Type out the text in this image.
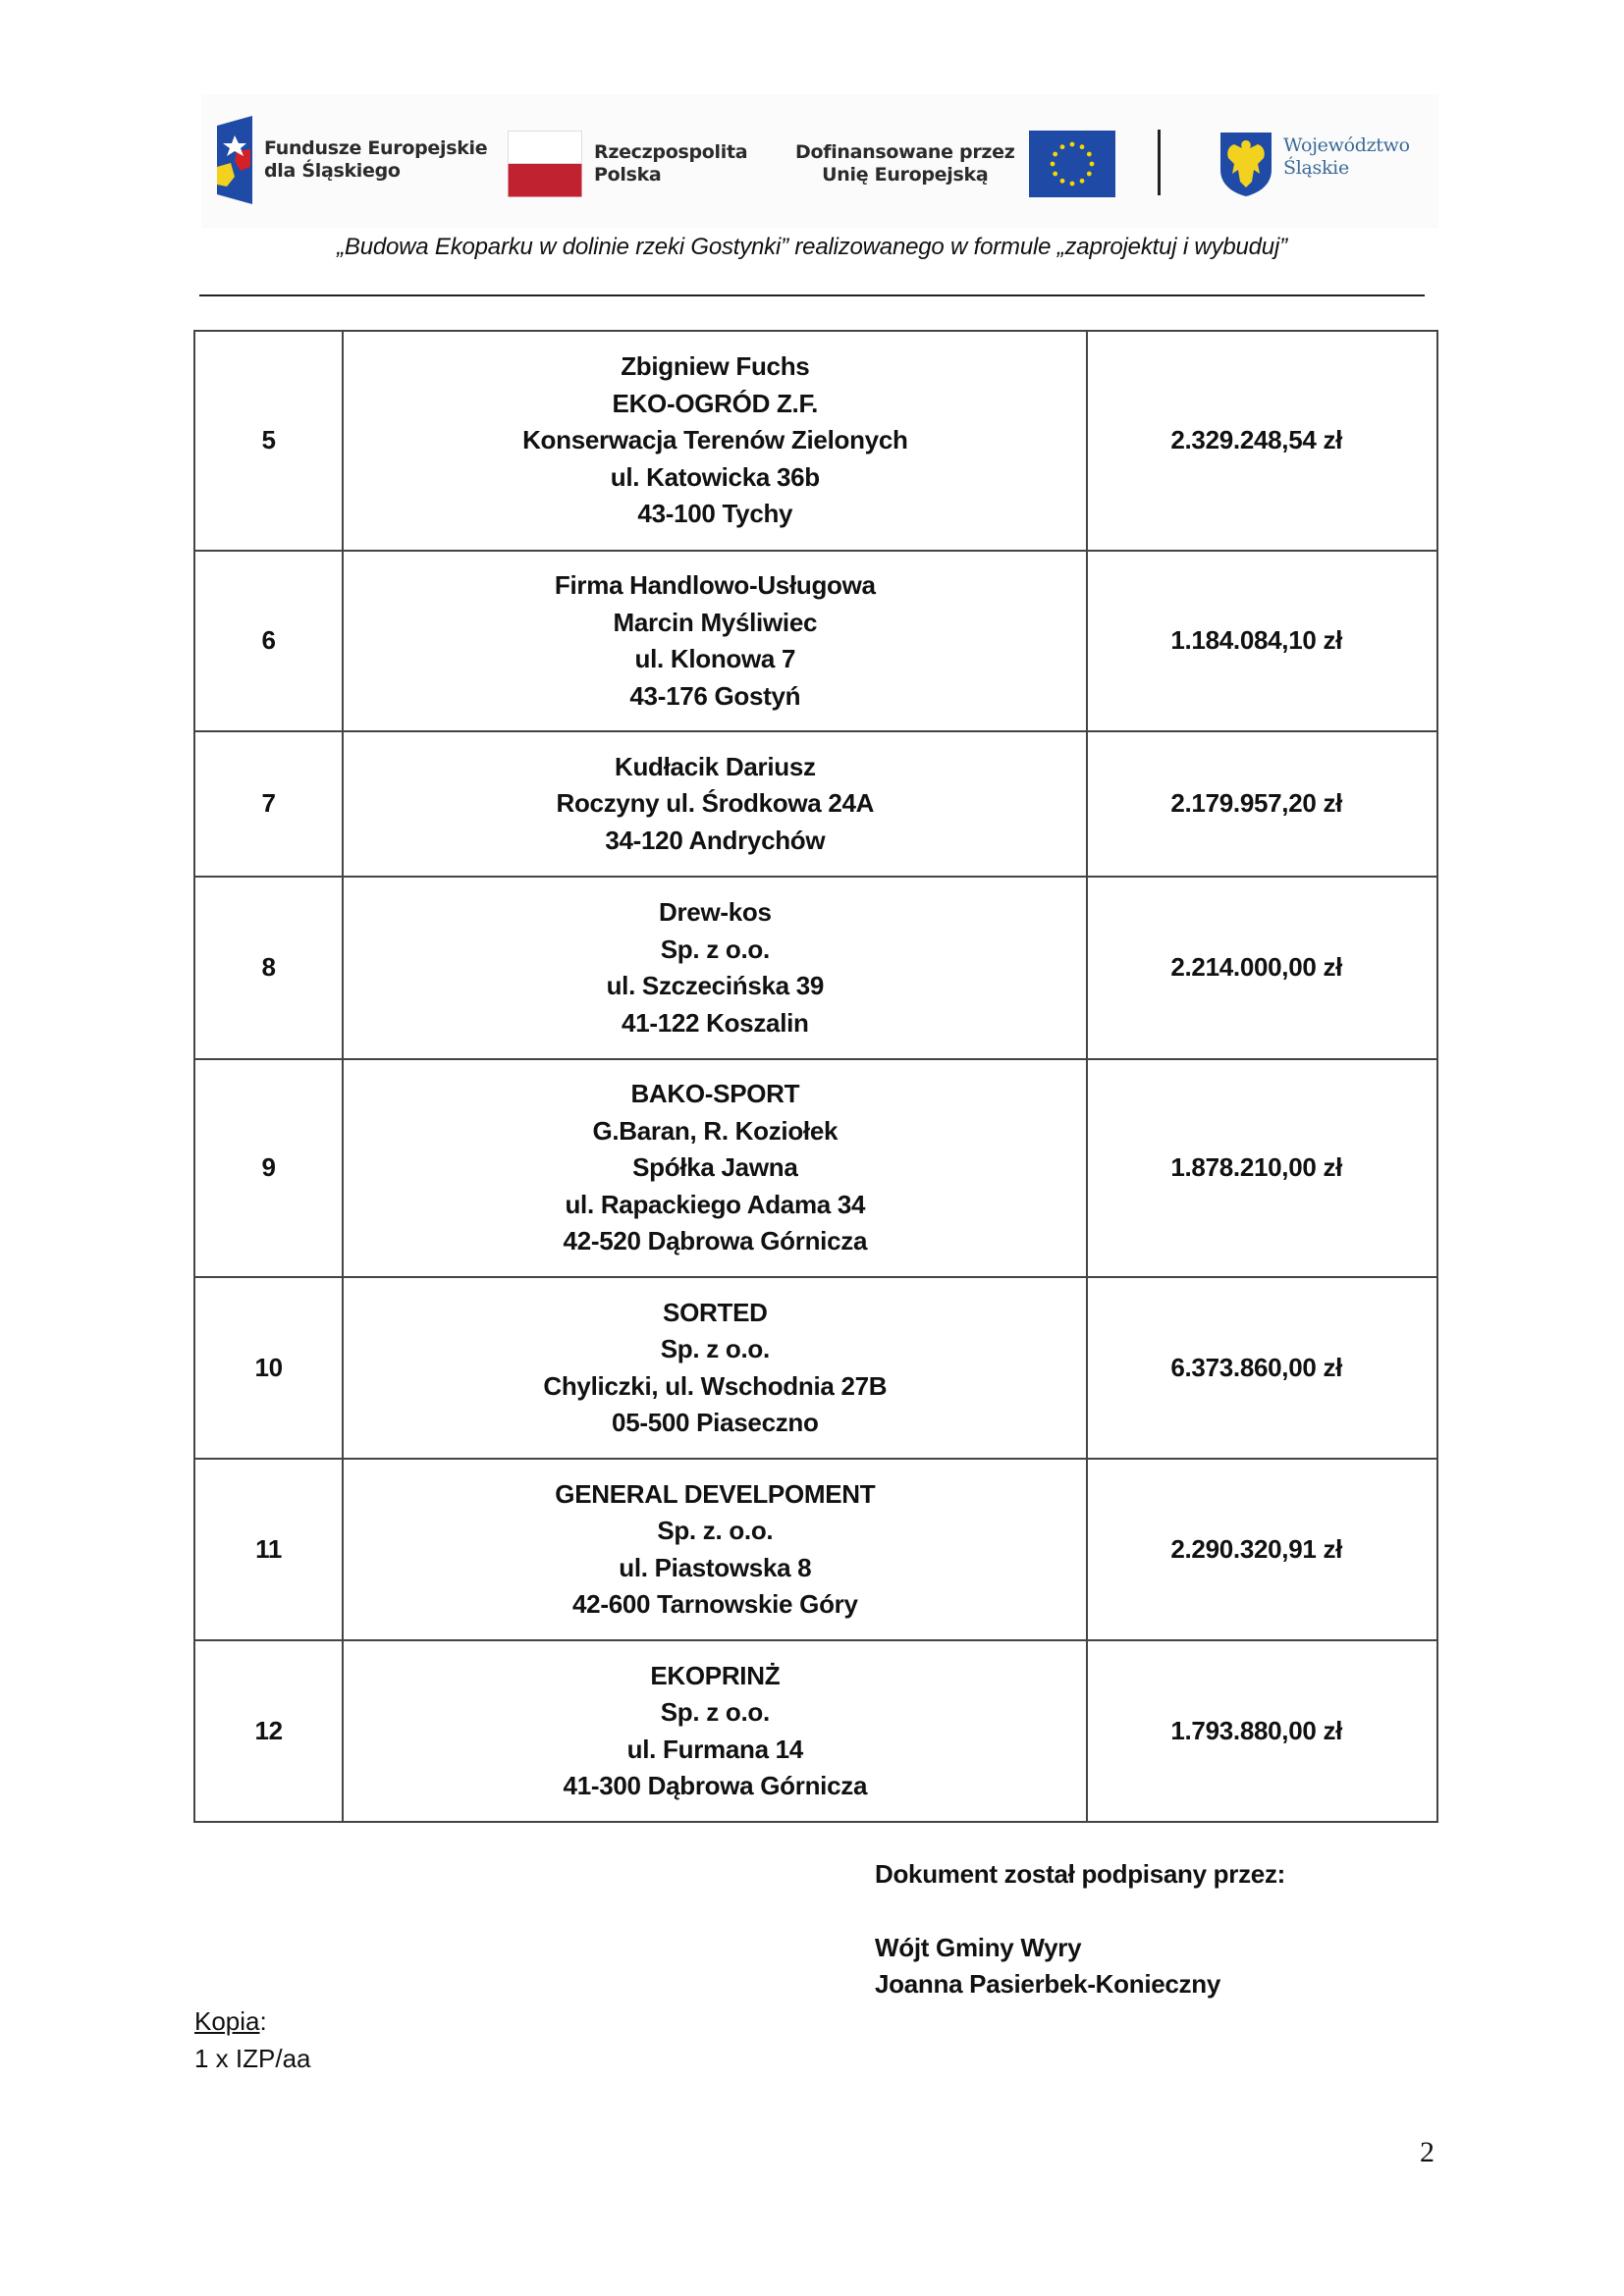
Fundusze Europejskie
dla Śląskiego
Rzeczpospolita
Polska
Dofinansowane przez
Unię Europejską
Województwo
Śląskie
„Budowa Ekoparku w dolinie rzeki Gostynki” realizowanego w formule „zaprojektuj i wybuduj”
5	Zbigniew Fuchs
EKO-OGRÓD Z.F.
Konserwacja Terenów Zielonych
ul. Katowicka 36b
43-100 Tychy	2.329.248,54 zł
6	Firma Handlowo-Usługowa
Marcin Myśliwiec
ul. Klonowa 7
43-176 Gostyń	1.184.084,10 zł
7	Kudłacik Dariusz
Roczyny ul. Środkowa 24A
34-120 Andrychów	2.179.957,20 zł
8	Drew-kos
Sp. z o.o.
ul. Szczecińska 39
41-122 Koszalin	2.214.000,00 zł
9	BAKO-SPORT
G.Baran, R. Koziołek
Spółka Jawna
ul. Rapackiego Adama 34
42-520 Dąbrowa Górnicza	1.878.210,00 zł
10	SORTED
Sp. z o.o.
Chyliczki, ul. Wschodnia 27B
05-500 Piaseczno	6.373.860,00 zł
11	GENERAL DEVELPOMENT
Sp. z. o.o.
ul. Piastowska 8
42-600 Tarnowskie Góry	2.290.320,91 zł
12	EKOPRINŻ
Sp. z o.o.
ul. Furmana 14
41-300 Dąbrowa Górnicza	1.793.880,00 zł
Dokument został podpisany przez:
Wójt Gminy Wyry
Joanna Pasierbek-Konieczny
Kopia:
1 x IZP/aa
2
